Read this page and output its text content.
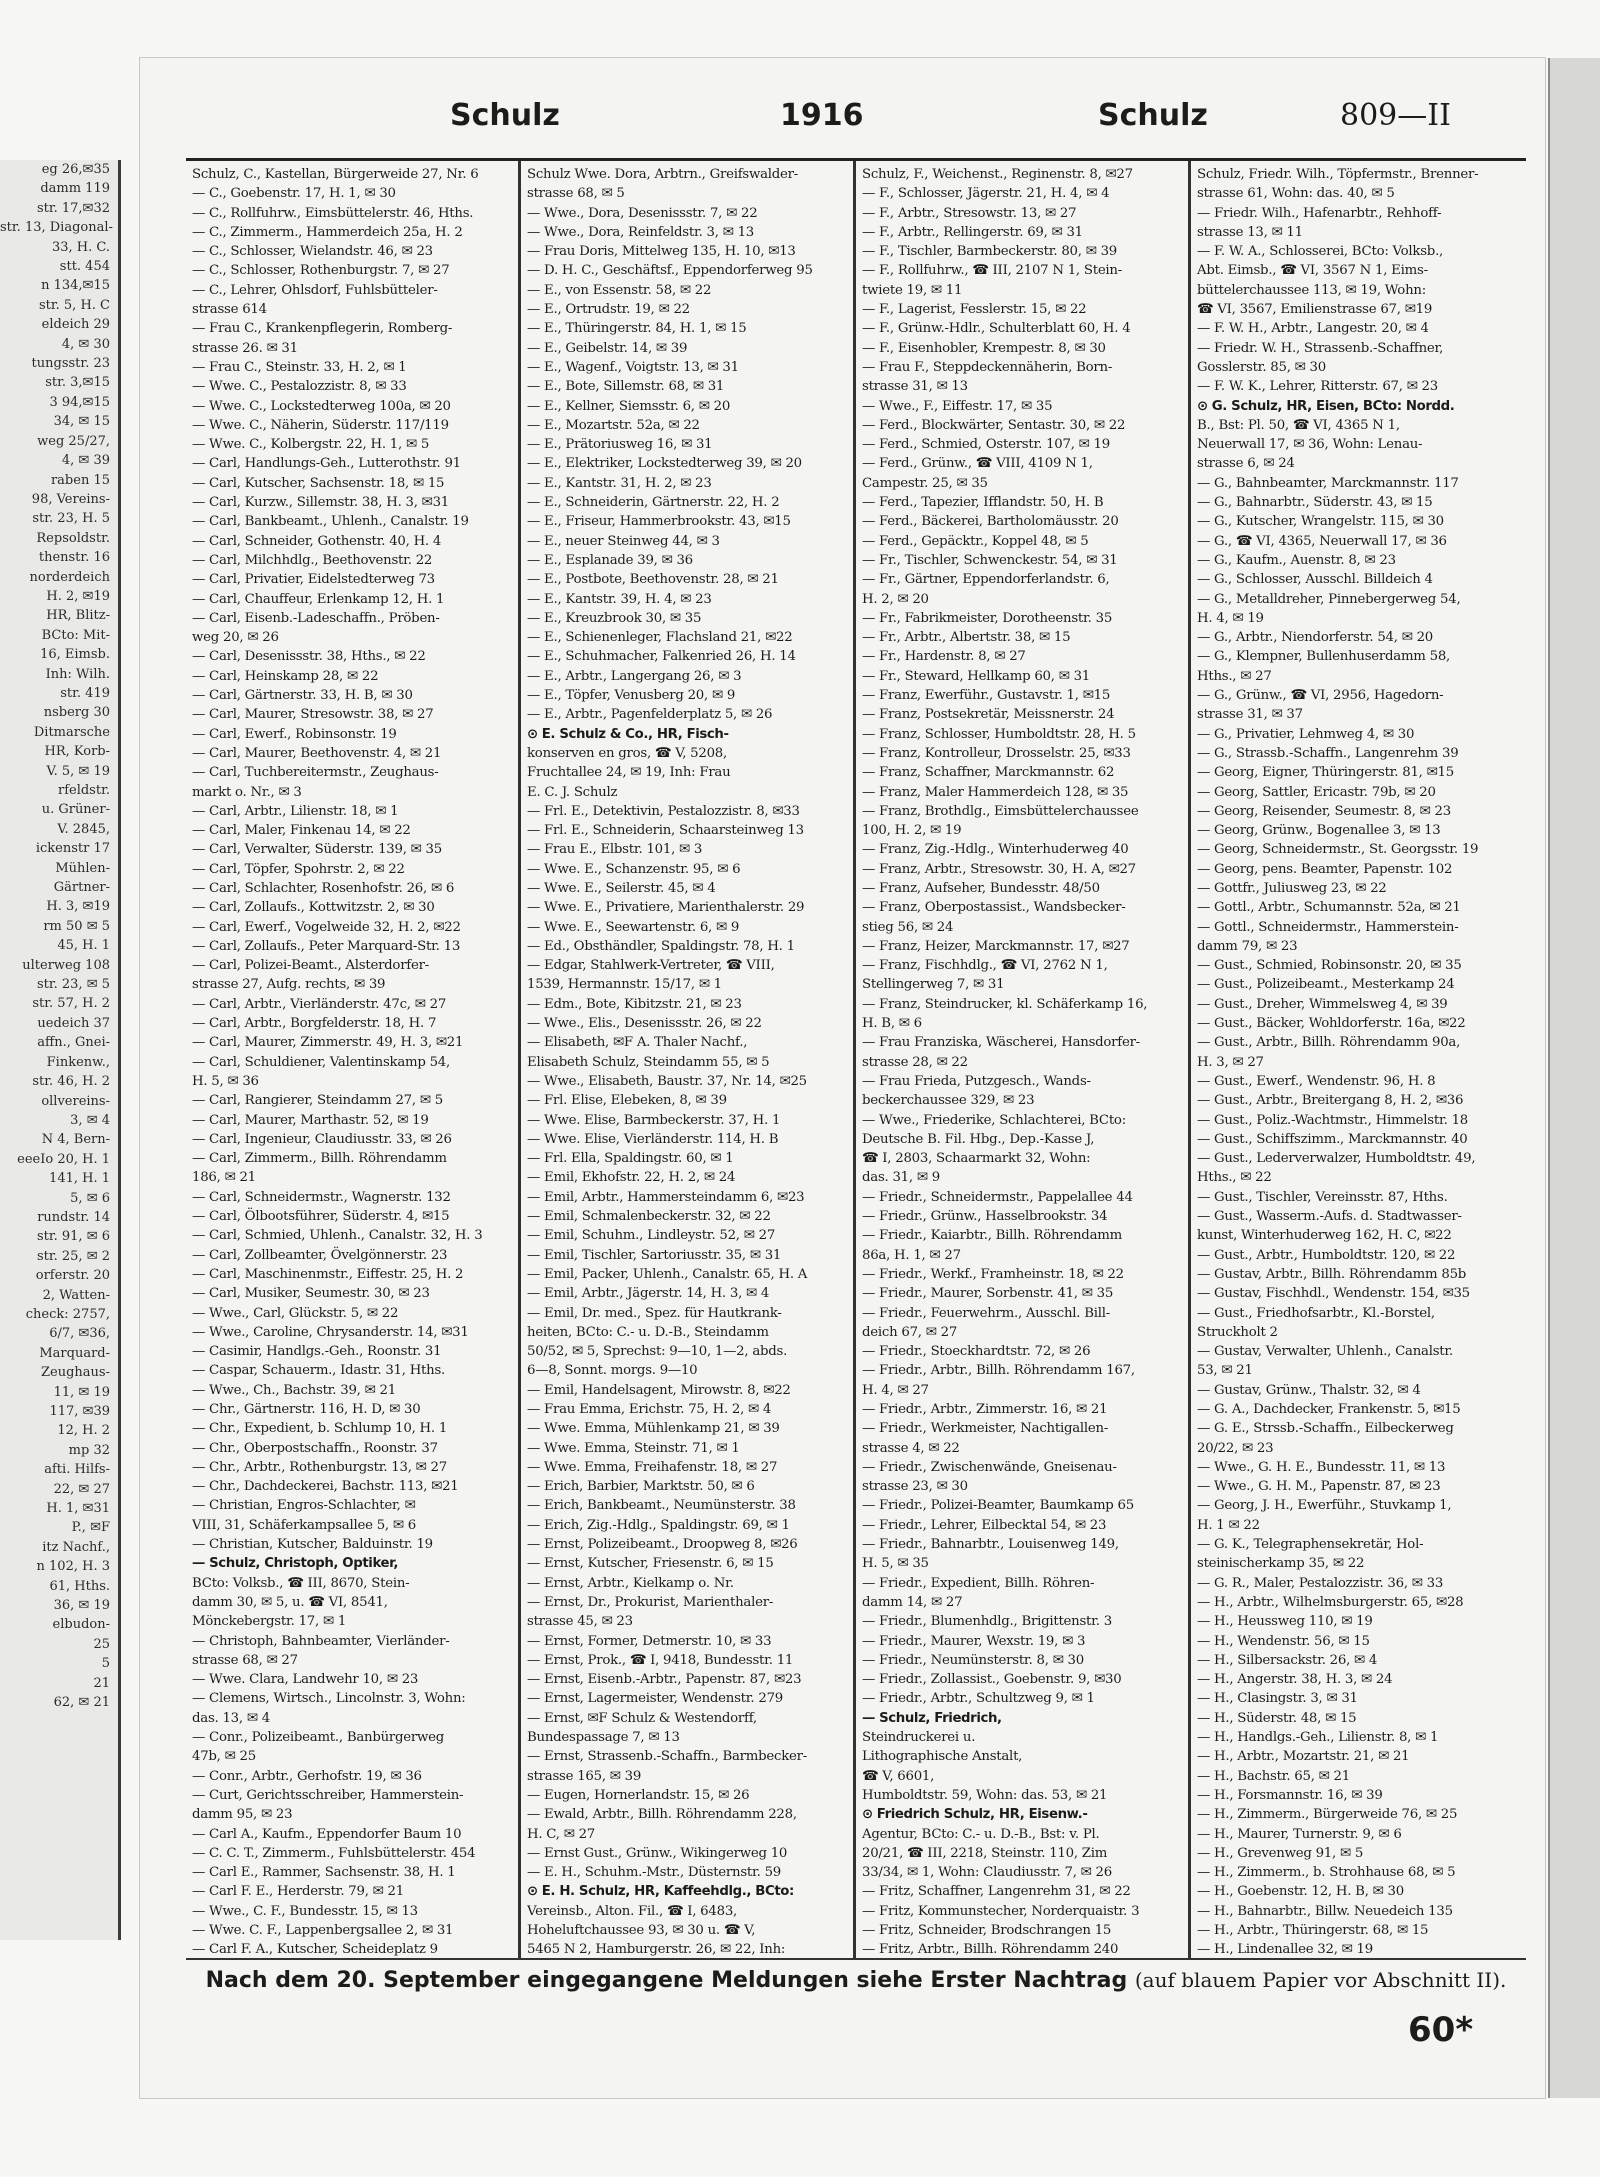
eg 26,✉35
damm 119
str. 17,✉32
str. 13, Diagonal-
33, H. C.
stt. 454
n 134,✉15
str. 5, H. C
eldeich 29
4, ✉ 30
tungsstr. 23
str. 3,✉15
3 94,✉15
34, ✉ 15
weg 25/27,
4, ✉ 39
raben 15
98, Vereins-
str. 23, H. 5
Repsoldstr.
thenstr. 16
norderdeich
H. 2, ✉19
HR, Blitz-
BCto: Mit-
16, Eimsb.
Inh: Wilh.
str. 419
nsberg 30
Ditmarsche
HR, Korb-
V. 5, ✉ 19
rfeldstr.
u. Grüner-
V. 2845,
ickenstr 17
Mühlen-
Gärtner-
H. 3, ✉19
rm 50 ✉ 5
45, H. 1
ulterweg 108
str. 23, ✉ 5
str. 57, H. 2
uedeich 37
affn., Gnei-
Finkenw.,
str. 46, H. 2
ollvereins-
3, ✉ 4
N 4, Bern-
eeeIo 20, H. 1
141, H. 1
5, ✉ 6
rundstr. 14
str. 91, ✉ 6
str. 25, ✉ 2
orferstr. 20
2, Watten-
check: 2757,
6/7, ✉36,
Marquard-
Zeughaus-
11, ✉ 19
117, ✉39
12, H. 2
mp 32
afti. Hilfs-
22, ✉ 27
H. 1, ✉31
P., ✉F
itz Nachf.,
n 102, H. 3
61, Hths.
36, ✉ 19
elbudon-
25
5
21
62, ✉ 21
Schulz	1916	Schulz	809—II
Schulz, C., Kastellan, Bürgerweide 27, Nr. 6
— C., Goebenstr. 17, H. 1, ✉ 30
— C., Rollfuhrw., Eimsbüttelerstr. 46, Hths.
— C., Zimmerm., Hammerdeich 25a, H. 2
— C., Schlosser, Wielandstr. 46, ✉ 23
— C., Schlosser, Rothenburgstr. 7, ✉ 27
— C., Lehrer, Ohlsdorf, Fuhlsbütteler-
strasse 614
— Frau C., Krankenpflegerin, Romberg-
strasse 26. ✉ 31
— Frau C., Steinstr. 33, H. 2, ✉ 1
— Wwe. C., Pestalozzistr. 8, ✉ 33
— Wwe. C., Lockstedterweg 100a, ✉ 20
— Wwe. C., Näherin, Süderstr. 117/119
— Wwe. C., Kolbergstr. 22, H. 1, ✉ 5
— Carl, Handlungs-Geh., Lutterothstr. 91
— Carl, Kutscher, Sachsenstr. 18, ✉ 15
— Carl, Kurzw., Sillemstr. 38, H. 3, ✉31
— Carl, Bankbeamt., Uhlenh., Canalstr. 19
— Carl, Schneider, Gothenstr. 40, H. 4
— Carl, Milchhdlg., Beethovenstr. 22
— Carl, Privatier, Eidelstedterweg 73
— Carl, Chauffeur, Erlenkamp 12, H. 1
— Carl, Eisenb.-Ladeschaffn., Pröben-
weg 20, ✉ 26
— Carl, Desenissstr. 38, Hths., ✉ 22
— Carl, Heinskamp 28, ✉ 22
— Carl, Gärtnerstr. 33, H. B, ✉ 30
— Carl, Maurer, Stresowstr. 38, ✉ 27
— Carl, Ewerf., Robinsonstr. 19
— Carl, Maurer, Beethovenstr. 4, ✉ 21
— Carl, Tuchbereitermstr., Zeughaus-
markt o. Nr., ✉ 3
— Carl, Arbtr., Lilienstr. 18, ✉ 1
— Carl, Maler, Finkenau 14, ✉ 22
— Carl, Verwalter, Süderstr. 139, ✉ 35
— Carl, Töpfer, Spohrstr. 2, ✉ 22
— Carl, Schlachter, Rosenhofstr. 26, ✉ 6
— Carl, Zollaufs., Kottwitzstr. 2, ✉ 30
— Carl, Ewerf., Vogelweide 32, H. 2, ✉22
— Carl, Zollaufs., Peter Marquard-Str. 13
— Carl, Polizei-Beamt., Alsterdorfer-
strasse 27, Aufg. rechts, ✉ 39
— Carl, Arbtr., Vierländerstr. 47c, ✉ 27
— Carl, Arbtr., Borgfelderstr. 18, H. 7
— Carl, Maurer, Zimmerstr. 49, H. 3, ✉21
— Carl, Schuldiener, Valentinskamp 54,
H. 5, ✉ 36
— Carl, Rangierer, Steindamm 27, ✉ 5
— Carl, Maurer, Marthastr. 52, ✉ 19
— Carl, Ingenieur, Claudiusstr. 33, ✉ 26
— Carl, Zimmerm., Billh. Röhrendamm
186, ✉ 21
— Carl, Schneidermstr., Wagnerstr. 132
— Carl, Ölbootsführer, Süderstr. 4, ✉15
— Carl, Schmied, Uhlenh., Canalstr. 32, H. 3
— Carl, Zollbeamter, Övelgönnerstr. 23
— Carl, Maschinenmstr., Eiffestr. 25, H. 2
— Carl, Musiker, Seumestr. 30, ✉ 23
— Wwe., Carl, Glückstr. 5, ✉ 22
— Wwe., Caroline, Chrysanderstr. 14, ✉31
— Casimir, Handlgs.-Geh., Roonstr. 31
— Caspar, Schauerm., Idastr. 31, Hths.
— Wwe., Ch., Bachstr. 39, ✉ 21
— Chr., Gärtnerstr. 116, H. D, ✉ 30
— Chr., Expedient, b. Schlump 10, H. 1
— Chr., Oberpostschaffn., Roonstr. 37
— Chr., Arbtr., Rothenburgstr. 13, ✉ 27
— Chr., Dachdeckerei, Bachstr. 113, ✉21
— Christian, Engros-Schlachter, ✉
VIII, 31, Schäferkampsallee 5, ✉ 6
— Christian, Kutscher, Balduinstr. 19
— Schulz, Christoph, Optiker,
BCto: Volksb., ☎ III, 8670, Stein-
damm 30, ✉ 5, u. ☎ VI, 8541,
Mönckebergstr. 17, ✉ 1
— Christoph, Bahnbeamter, Vierländer-
strasse 68, ✉ 27
— Wwe. Clara, Landwehr 10, ✉ 23
— Clemens, Wirtsch., Lincolnstr. 3, Wohn:
das. 13, ✉ 4
— Conr., Polizeibeamt., Banbürgerweg
47b, ✉ 25
— Conr., Arbtr., Gerhofstr. 19, ✉ 36
— Curt, Gerichtsschreiber, Hammerstein-
damm 95, ✉ 23
— Carl A., Kaufm., Eppendorfer Baum 10
— C. C. T., Zimmerm., Fuhlsbüttelerstr. 454
— Carl E., Rammer, Sachsenstr. 38, H. 1
— Carl F. E., Herderstr. 79, ✉ 21
— Wwe., C. F., Bundesstr. 15, ✉ 13
— Wwe. C. F., Lappenbergsallee 2, ✉ 31
— Carl F. A., Kutscher, Scheideplatz 9
Schulz Wwe. Dora, Arbtrn., Greifswalder-
strasse 68, ✉ 5
— Wwe., Dora, Desenissstr. 7, ✉ 22
— Wwe., Dora, Reinfeldstr. 3, ✉ 13
— Frau Doris, Mittelweg 135, H. 10, ✉13
— D. H. C., Geschäftsf., Eppendorferweg 95
— E., von Essenstr. 58, ✉ 22
— E., Ortrudstr. 19, ✉ 22
— E., Thüringerstr. 84, H. 1, ✉ 15
— E., Geibelstr. 14, ✉ 39
— E., Wagenf., Voigtstr. 13, ✉ 31
— E., Bote, Sillemstr. 68, ✉ 31
— E., Kellner, Siemsstr. 6, ✉ 20
— E., Mozartstr. 52a, ✉ 22
— E., Prätoriusweg 16, ✉ 31
— E., Elektriker, Lockstedterweg 39, ✉ 20
— E., Kantstr. 31, H. 2, ✉ 23
— E., Schneiderin, Gärtnerstr. 22, H. 2
— E., Friseur, Hammerbrookstr. 43, ✉15
— E., neuer Steinweg 44, ✉ 3
— E., Esplanade 39, ✉ 36
— E., Postbote, Beethovenstr. 28, ✉ 21
— E., Kantstr. 39, H. 4, ✉ 23
— E., Kreuzbrook 30, ✉ 35
— E., Schienenleger, Flachsland 21, ✉22
— E., Schuhmacher, Falkenried 26, H. 14
— E., Arbtr., Langergang 26, ✉ 3
— E., Töpfer, Venusberg 20, ✉ 9
— E., Arbtr., Pagenfelderplatz 5, ✉ 26
⊙ E. Schulz & Co., HR, Fisch-
konserven en gros, ☎ V, 5208,
Fruchtallee 24, ✉ 19, Inh: Frau
E. C. J. Schulz
— Frl. E., Detektivin, Pestalozzistr. 8, ✉33
— Frl. E., Schneiderin, Schaarsteinweg 13
— Frau E., Elbstr. 101, ✉ 3
— Wwe. E., Schanzenstr. 95, ✉ 6
— Wwe. E., Seilerstr. 45, ✉ 4
— Wwe. E., Privatiere, Marienthalerstr. 29
— Wwe. E., Seewartenstr. 6, ✉ 9
— Ed., Obsthändler, Spaldingstr. 78, H. 1
— Edgar, Stahlwerk-Vertreter, ☎ VIII,
1539, Hermannstr. 15/17, ✉ 1
— Edm., Bote, Kibitzstr. 21, ✉ 23
— Wwe., Elis., Desenissstr. 26, ✉ 22
— Elisabeth, ✉F A. Thaler Nachf.,
Elisabeth Schulz, Steindamm 55, ✉ 5
— Wwe., Elisabeth, Baustr. 37, Nr. 14, ✉25
— Frl. Elise, Elebeken, 8, ✉ 39
— Wwe. Elise, Barmbeckerstr. 37, H. 1
— Wwe. Elise, Vierländerstr. 114, H. B
— Frl. Ella, Spaldingstr. 60, ✉ 1
— Emil, Ekhofstr. 22, H. 2, ✉ 24
— Emil, Arbtr., Hammersteindamm 6, ✉23
— Emil, Schmalenbeckerstr. 32, ✉ 22
— Emil, Schuhm., Lindleystr. 52, ✉ 27
— Emil, Tischler, Sartoriusstr. 35, ✉ 31
— Emil, Packer, Uhlenh., Canalstr. 65, H. A
— Emil, Arbtr., Jägerstr. 14, H. 3, ✉ 4
— Emil, Dr. med., Spez. für Hautkrank-
heiten, BCto: C.- u. D.-B., Steindamm
50/52, ✉ 5, Sprechst: 9—10, 1—2, abds.
6—8, Sonnt. morgs. 9—10
— Emil, Handelsagent, Mirowstr. 8, ✉22
— Frau Emma, Erichstr. 75, H. 2, ✉ 4
— Wwe. Emma, Mühlenkamp 21, ✉ 39
— Wwe. Emma, Steinstr. 71, ✉ 1
— Wwe. Emma, Freihafenstr. 18, ✉ 27
— Erich, Barbier, Marktstr. 50, ✉ 6
— Erich, Bankbeamt., Neumünsterstr. 38
— Erich, Zig.-Hdlg., Spaldingstr. 69, ✉ 1
— Ernst, Polizeibeamt., Droopweg 8, ✉26
— Ernst, Kutscher, Friesenstr. 6, ✉ 15
— Ernst, Arbtr., Kielkamp o. Nr.
— Ernst, Dr., Prokurist, Marienthaler-
strasse 45, ✉ 23
— Ernst, Former, Detmerstr. 10, ✉ 33
— Ernst, Prok., ☎ I, 9418, Bundesstr. 11
— Ernst, Eisenb.-Arbtr., Papenstr. 87, ✉23
— Ernst, Lagermeister, Wendenstr. 279
— Ernst, ✉F Schulz & Westendorff,
Bundespassage 7, ✉ 13
— Ernst, Strassenb.-Schaffn., Barmbecker-
strasse 165, ✉ 39
— Eugen, Hornerlandstr. 15, ✉ 26
— Ewald, Arbtr., Billh. Röhrendamm 228,
H. C, ✉ 27
— Ernst Gust., Grünw., Wikingerweg 10
— E. H., Schuhm.-Mstr., Düsternstr. 59
⊙ E. H. Schulz, HR, Kaffeehdlg., BCto:
Vereinsb., Alton. Fil., ☎ I, 6483,
Hoheluftchaussee 93, ✉ 30 u. ☎ V,
5465 N 2, Hamburgerstr. 26, ✉ 22, Inh:
Schulz, F., Weichenst., Reginenstr. 8, ✉27
— F., Schlosser, Jägerstr. 21, H. 4, ✉ 4
— F., Arbtr., Stresowstr. 13, ✉ 27
— F., Arbtr., Rellingerstr. 69, ✉ 31
— F., Tischler, Barmbeckerstr. 80, ✉ 39
— F., Rollfuhrw., ☎ III, 2107 N 1, Stein-
twiete 19, ✉ 11
— F., Lagerist, Fesslerstr. 15, ✉ 22
— F., Grünw.-Hdlr., Schulterblatt 60, H. 4
— F., Eisenhobler, Krempestr. 8, ✉ 30
— Frau F., Steppdeckennäherin, Born-
strasse 31, ✉ 13
— Wwe., F., Eiffestr. 17, ✉ 35
— Ferd., Blockwärter, Sentastr. 30, ✉ 22
— Ferd., Schmied, Osterstr. 107, ✉ 19
— Ferd., Grünw., ☎ VIII, 4109 N 1,
Campestr. 25, ✉ 35
— Ferd., Tapezier, Ifflandstr. 50, H. B
— Ferd., Bäckerei, Bartholomäusstr. 20
— Ferd., Gepäcktr., Koppel 48, ✉ 5
— Fr., Tischler, Schwenckestr. 54, ✉ 31
— Fr., Gärtner, Eppendorferlandstr. 6,
H. 2, ✉ 20
— Fr., Fabrikmeister, Dorotheenstr. 35
— Fr., Arbtr., Albertstr. 38, ✉ 15
— Fr., Hardenstr. 8, ✉ 27
— Fr., Steward, Hellkamp 60, ✉ 31
— Franz, Ewerführ., Gustavstr. 1, ✉15
— Franz, Postsekretär, Meissnerstr. 24
— Franz, Schlosser, Humboldtstr. 28, H. 5
— Franz, Kontrolleur, Drosselstr. 25, ✉33
— Franz, Schaffner, Marckmannstr. 62
— Franz, Maler Hammerdeich 128, ✉ 35
— Franz, Brothdlg., Eimsbüttelerchaussee
100, H. 2, ✉ 19
— Franz, Zig.-Hdlg., Winterhuderweg 40
— Franz, Arbtr., Stresowstr. 30, H. A, ✉27
— Franz, Aufseher, Bundesstr. 48/50
— Franz, Oberpostassist., Wandsbecker-
stieg 56, ✉ 24
— Franz, Heizer, Marckmannstr. 17, ✉27
— Franz, Fischhdlg., ☎ VI, 2762 N 1,
Stellingerweg 7, ✉ 31
— Franz, Steindrucker, kl. Schäferkamp 16,
H. B, ✉ 6
— Frau Franziska, Wäscherei, Hansdorfer-
strasse 28, ✉ 22
— Frau Frieda, Putzgesch., Wands-
beckerchaussee 329, ✉ 23
— Wwe., Friederike, Schlachterei, BCto:
Deutsche B. Fil. Hbg., Dep.-Kasse J,
☎ I, 2803, Schaarmarkt 32, Wohn:
das. 31, ✉ 9
— Friedr., Schneidermstr., Pappelallee 44
— Friedr., Grünw., Hasselbrookstr. 34
— Friedr., Kaiarbtr., Billh. Röhrendamm
86a, H. 1, ✉ 27
— Friedr., Werkf., Framheinstr. 18, ✉ 22
— Friedr., Maurer, Sorbenstr. 41, ✉ 35
— Friedr., Feuerwehrm., Ausschl. Bill-
deich 67, ✉ 27
— Friedr., Stoeckhardtstr. 72, ✉ 26
— Friedr., Arbtr., Billh. Röhrendamm 167,
H. 4, ✉ 27
— Friedr., Arbtr., Zimmerstr. 16, ✉ 21
— Friedr., Werkmeister, Nachtigallen-
strasse 4, ✉ 22
— Friedr., Zwischenwände, Gneisenau-
strasse 23, ✉ 30
— Friedr., Polizei-Beamter, Baumkamp 65
— Friedr., Lehrer, Eilbecktal 54, ✉ 23
— Friedr., Bahnarbtr., Louisenweg 149,
H. 5, ✉ 35
— Friedr., Expedient, Billh. Röhren-
damm 14, ✉ 27
— Friedr., Blumenhdlg., Brigittenstr. 3
— Friedr., Maurer, Wexstr. 19, ✉ 3
— Friedr., Neumünsterstr. 8, ✉ 30
— Friedr., Zollassist., Goebenstr. 9, ✉30
— Friedr., Arbtr., Schultzweg 9, ✉ 1
— Schulz, Friedrich,
Steindruckerei u.
Lithographische Anstalt,
☎ V, 6601,
Humboldtstr. 59, Wohn: das. 53, ✉ 21
⊙ Friedrich Schulz, HR, Eisenw.-
Agentur, BCto: C.- u. D.-B., Bst: v. Pl.
20/21, ☎ III, 2218, Steinstr. 110, Zim
33/34, ✉ 1, Wohn: Claudiusstr. 7, ✉ 26
— Fritz, Schaffner, Langenrehm 31, ✉ 22
— Fritz, Kommunstecher, Norderquaistr. 3
— Fritz, Schneider, Brodschrangen 15
— Fritz, Arbtr., Billh. Röhrendamm 240
Schulz, Friedr. Wilh., Töpfermstr., Brenner-
strasse 61, Wohn: das. 40, ✉ 5
— Friedr. Wilh., Hafenarbtr., Rehhoff-
strasse 13, ✉ 11
— F. W. A., Schlosserei, BCto: Volksb.,
Abt. Eimsb., ☎ VI, 3567 N 1, Eims-
büttelerchaussee 113, ✉ 19, Wohn:
☎ VI, 3567, Emilienstrasse 67, ✉19
— F. W. H., Arbtr., Langestr. 20, ✉ 4
— Friedr. W. H., Strassenb.-Schaffner,
Gosslerstr. 85, ✉ 30
— F. W. K., Lehrer, Ritterstr. 67, ✉ 23
⊙ G. Schulz, HR, Eisen, BCto: Nordd.
B., Bst: Pl. 50, ☎ VI, 4365 N 1,
Neuerwall 17, ✉ 36, Wohn: Lenau-
strasse 6, ✉ 24
— G., Bahnbeamter, Marckmannstr. 117
— G., Bahnarbtr., Süderstr. 43, ✉ 15
— G., Kutscher, Wrangelstr. 115, ✉ 30
— G., ☎ VI, 4365, Neuerwall 17, ✉ 36
— G., Kaufm., Auenstr. 8, ✉ 23
— G., Schlosser, Ausschl. Billdeich 4
— G., Metalldreher, Pinnebergerweg 54,
H. 4, ✉ 19
— G., Arbtr., Niendorferstr. 54, ✉ 20
— G., Klempner, Bullenhuserdamm 58,
Hths., ✉ 27
— G., Grünw., ☎ VI, 2956, Hagedorn-
strasse 31, ✉ 37
— G., Privatier, Lehmweg 4, ✉ 30
— G., Strassb.-Schaffn., Langenrehm 39
— Georg, Eigner, Thüringerstr. 81, ✉15
— Georg, Sattler, Ericastr. 79b, ✉ 20
— Georg, Reisender, Seumestr. 8, ✉ 23
— Georg, Grünw., Bogenallee 3, ✉ 13
— Georg, Schneidermstr., St. Georgsstr. 19
— Georg, pens. Beamter, Papenstr. 102
— Gottfr., Juliusweg 23, ✉ 22
— Gottl., Arbtr., Schumannstr. 52a, ✉ 21
— Gottl., Schneidermstr., Hammerstein-
damm 79, ✉ 23
— Gust., Schmied, Robinsonstr. 20, ✉ 35
— Gust., Polizeibeamt., Mesterkamp 24
— Gust., Dreher, Wimmelsweg 4, ✉ 39
— Gust., Bäcker, Wohldorferstr. 16a, ✉22
— Gust., Arbtr., Billh. Röhrendamm 90a,
H. 3, ✉ 27
— Gust., Ewerf., Wendenstr. 96, H. 8
— Gust., Arbtr., Breitergang 8, H. 2, ✉36
— Gust., Poliz.-Wachtmstr., Himmelstr. 18
— Gust., Schiffszimm., Marckmannstr. 40
— Gust., Lederverwalzer, Humboldtstr. 49,
Hths., ✉ 22
— Gust., Tischler, Vereinsstr. 87, Hths.
— Gust., Wasserm.-Aufs. d. Stadtwasser-
kunst, Winterhuderweg 162, H. C, ✉22
— Gust., Arbtr., Humboldtstr. 120, ✉ 22
— Gustav, Arbtr., Billh. Röhrendamm 85b
— Gustav, Fischhdl., Wendenstr. 154, ✉35
— Gust., Friedhofsarbtr., Kl.-Borstel,
Struckholt 2
— Gustav, Verwalter, Uhlenh., Canalstr.
53, ✉ 21
— Gustav, Grünw., Thalstr. 32, ✉ 4
— G. A., Dachdecker, Frankenstr. 5, ✉15
— G. E., Strssb.-Schaffn., Eilbeckerweg
20/22, ✉ 23
— Wwe., G. H. E., Bundesstr. 11, ✉ 13
— Wwe., G. H. M., Papenstr. 87, ✉ 23
— Georg, J. H., Ewerführ., Stuvkamp 1,
H. 1 ✉ 22
— G. K., Telegraphensekretär, Hol-
steinischerkamp 35, ✉ 22
— G. R., Maler, Pestalozzistr. 36, ✉ 33
— H., Arbtr., Wilhelmsburgerstr. 65, ✉28
— H., Heussweg 110, ✉ 19
— H., Wendenstr. 56, ✉ 15
— H., Silbersackstr. 26, ✉ 4
— H., Angerstr. 38, H. 3, ✉ 24
— H., Clasingstr. 3, ✉ 31
— H., Süderstr. 48, ✉ 15
— H., Handlgs.-Geh., Lilienstr. 8, ✉ 1
— H., Arbtr., Mozartstr. 21, ✉ 21
— H., Bachstr. 65, ✉ 21
— H., Forsmannstr. 16, ✉ 39
— H., Zimmerm., Bürgerweide 76, ✉ 25
— H., Maurer, Turnerstr. 9, ✉ 6
— H., Grevenweg 91, ✉ 5
— H., Zimmerm., b. Strohhause 68, ✉ 5
— H., Goebenstr. 12, H. B, ✉ 30
— H., Bahnarbtr., Billw. Neuedeich 135
— H., Arbtr., Thüringerstr. 68, ✉ 15
— H., Lindenallee 32, ✉ 19
Nach dem 20. September eingegangene Meldungen siehe Erster Nachtrag (auf blauem Papier vor Abschnitt II).
60*
